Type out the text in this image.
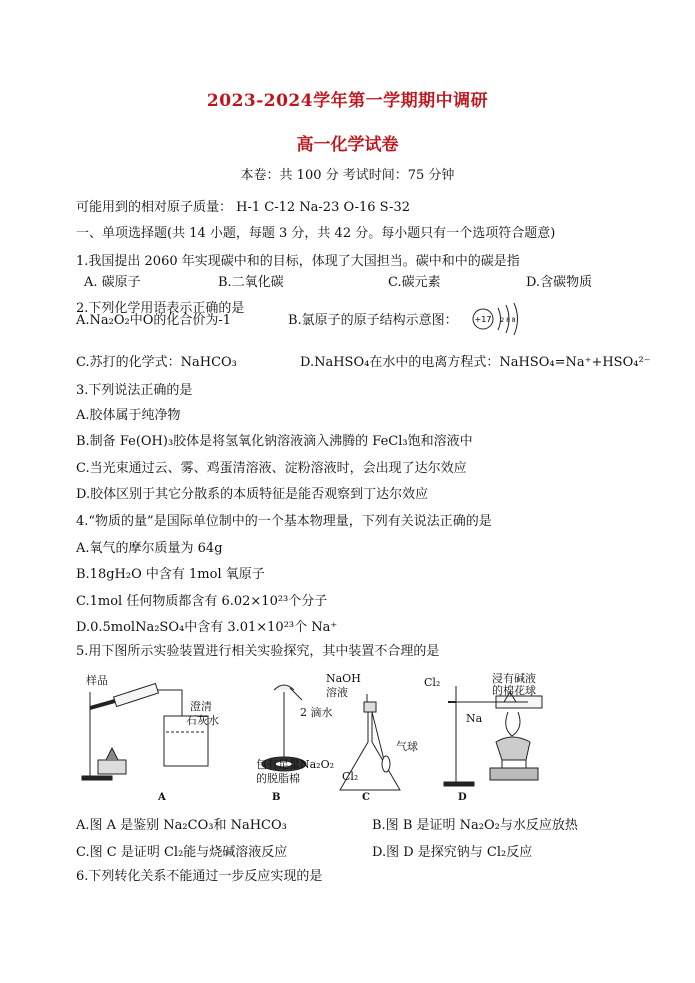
2023-2024学年第一学期期中调研
高一化学试卷
本卷：共 100 分 考试时间：75 分钟
可能用到的相对原子质量： H-1 C-12 Na-23 O-16 S-32
一、单项选择题(共 14 小题，每题 3 分，共 42 分。每小题只有一个选项符合题意)
1.我国提出 2060 年实现碳中和的目标，体现了大国担当。碳中和中的碳是指
A. 碳原子	B.二氧化碳	C.碳元素	D.含碳物质
2.下列化学用语表示正确的是
A.Na₂O₂中O的化合价为-1	B.氯原子的原子结构示意图： +17 2 8 8
C.苏打的化学式：NaHCO₃	D.NaHSO₄在水中的电离方程式：NaHSO₄=Na⁺+HSO₄²⁻
3.下列说法正确的是
A.胶体属于纯净物
B.制备 Fe(OH)₃胶体是将氢氧化钠溶液滴入沸腾的 FeCl₃饱和溶液中
C.当光束通过云、雾、鸡蛋清溶液、淀粉溶液时，会出现了达尔效应
D.胶体区别于其它分散系的本质特征是能否观察到丁达尔效应
4.“物质的量”是国际单位制中的一个基本物理量，下列有关说法正确的是
A.氧气的摩尔质量为 64g
B.18gH₂O 中含有 1mol 氧原子
C.1mol 任何物质都含有 6.02×10²³个分子
D.0.5molNa₂SO₄中含有 3.01×10²³个 Na⁺
5.用下图所示实验装置进行相关实验探究，其中装置不合理的是
样品
澄清
石灰水
2 滴水
包有足量Na₂O₂
的脱脂棉
NaOH
溶液
气球
Cl₂
Cl₂	浸有碱液
的棉花球
Na
A	B	C	D
A.图 A 是鉴别 Na₂CO₃和 NaHCO₃	B.图 B 是证明 Na₂O₂与水反应放热
C.图 C 是证明 Cl₂能与烧碱溶液反应	D.图 D 是探究钠与 Cl₂反应
6.下列转化关系不能通过一步反应实现的是
